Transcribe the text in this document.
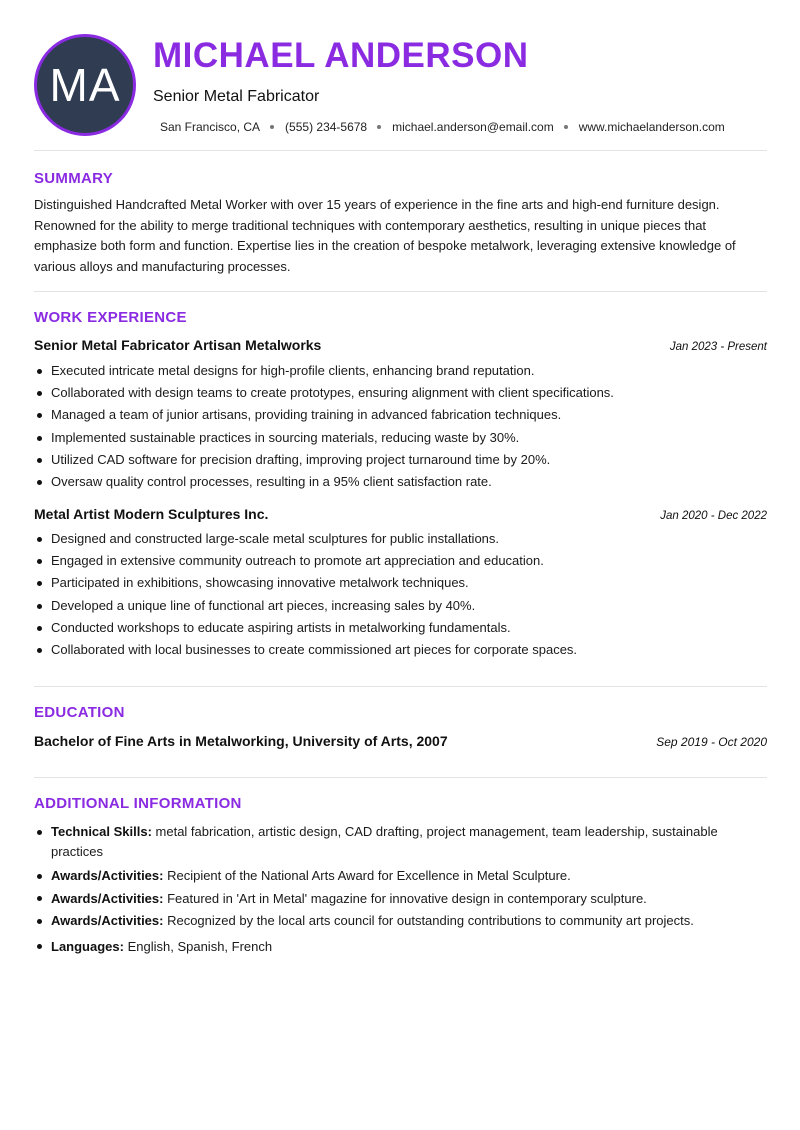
MA
MICHAEL ANDERSON
Senior Metal Fabricator
San Francisco, CA (555) 234-5678 michael.anderson@email.com www.michaelanderson.com
SUMMARY

Distinguished Handcrafted Metal Worker with over 15 years of experience in the fine arts and high-end furniture design. Renowned for the ability to merge traditional techniques with contemporary aesthetics, resulting in unique pieces that emphasize both form and function. Expertise lies in the creation of bespoke metalwork, leveraging extensive knowledge of various alloys and manufacturing processes.

WORK EXPERIENCE
Senior Metal Fabricator Artisan Metalworks	Jan 2023 - Present
Executed intricate metal designs for high-profile clients, enhancing brand reputation.
Collaborated with design teams to create prototypes, ensuring alignment with client specifications.
Managed a team of junior artisans, providing training in advanced fabrication techniques.
Implemented sustainable practices in sourcing materials, reducing waste by 30%.
Utilized CAD software for precision drafting, improving project turnaround time by 20%.
Oversaw quality control processes, resulting in a 95% client satisfaction rate.
Metal Artist Modern Sculptures Inc.	Jan 2020 - Dec 2022
Designed and constructed large-scale metal sculptures for public installations.
Engaged in extensive community outreach to promote art appreciation and education.
Participated in exhibitions, showcasing innovative metalwork techniques.
Developed a unique line of functional art pieces, increasing sales by 40%.
Conducted workshops to educate aspiring artists in metalworking fundamentals.
Collaborated with local businesses to create commissioned art pieces for corporate spaces.
EDUCATION
Bachelor of Fine Arts in Metalworking, University of Arts, 2007	Sep 2019 - Oct 2020
ADDITIONAL INFORMATION
Technical Skills: metal fabrication, artistic design, CAD drafting, project management, team leadership, sustainable practices
Awards/Activities: Recipient of the National Arts Award for Excellence in Metal Sculpture.
Awards/Activities: Featured in 'Art in Metal' magazine for innovative design in contemporary sculpture.
Awards/Activities: Recognized by the local arts council for outstanding contributions to community art projects.
Languages: English, Spanish, French
